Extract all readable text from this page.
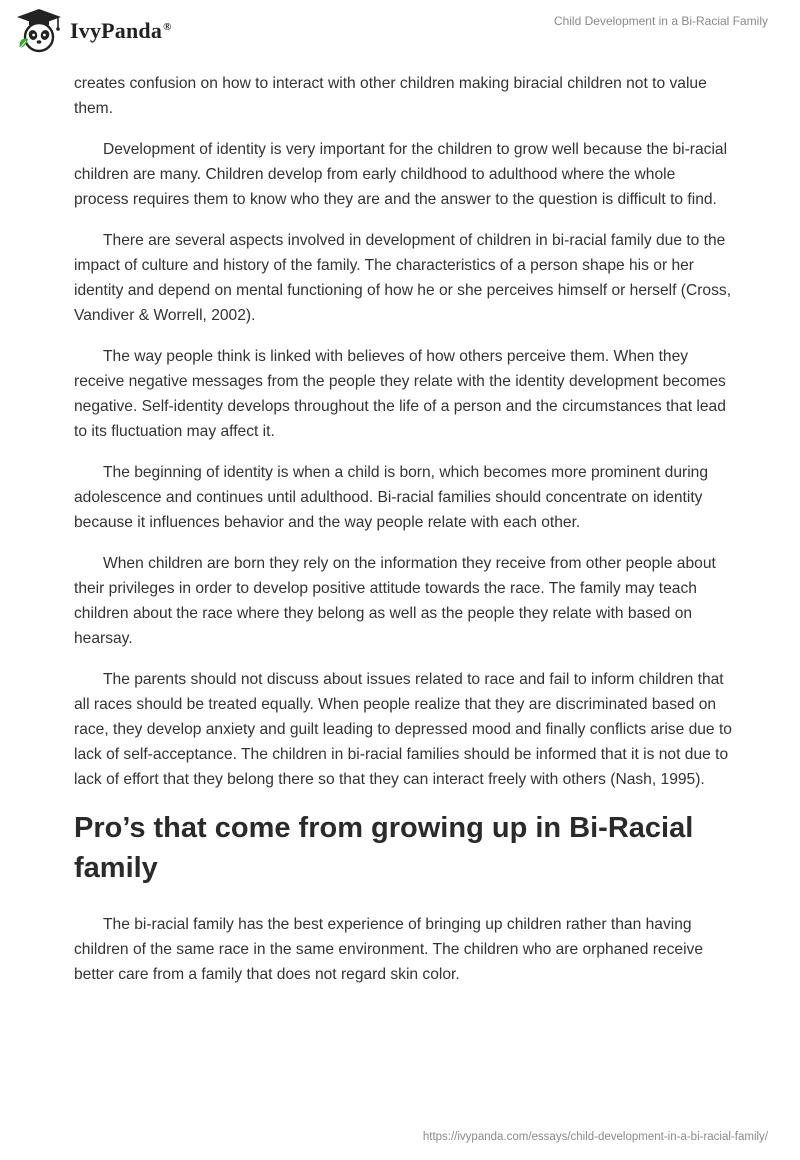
IvyPanda®	Child Development in a Bi-Racial Family

creates confusion on how to interact with other children making biracial children not to value them.

Development of identity is very important for the children to grow well because the bi-racial children are many. Children develop from early childhood to adulthood where the whole process requires them to know who they are and the answer to the question is difficult to find.

There are several aspects involved in development of children in bi-racial family due to the impact of culture and history of the family. The characteristics of a person shape his or her identity and depend on mental functioning of how he or she perceives himself or herself (Cross, Vandiver & Worrell, 2002).

The way people think is linked with believes of how others perceive them. When they receive negative messages from the people they relate with the identity development becomes negative. Self-identity develops throughout the life of a person and the circumstances that lead to its fluctuation may affect it.

The beginning of identity is when a child is born, which becomes more prominent during adolescence and continues until adulthood. Bi-racial families should concentrate on identity because it influences behavior and the way people relate with each other.

When children are born they rely on the information they receive from other people about their privileges in order to develop positive attitude towards the race. The family may teach children about the race where they belong as well as the people they relate with based on hearsay.

The parents should not discuss about issues related to race and fail to inform children that all races should be treated equally. When people realize that they are discriminated based on race, they develop anxiety and guilt leading to depressed mood and finally conflicts arise due to lack of self-acceptance. The children in bi-racial families should be informed that it is not due to lack of effort that they belong there so that they can interact freely with others (Nash, 1995).

Pro’s that come from growing up in Bi-Racial family

The bi-racial family has the best experience of bringing up children rather than having children of the same race in the same environment. The children who are orphaned receive better care from a family that does not regard skin color.

https://ivypanda.com/essays/child-development-in-a-bi-racial-family/
